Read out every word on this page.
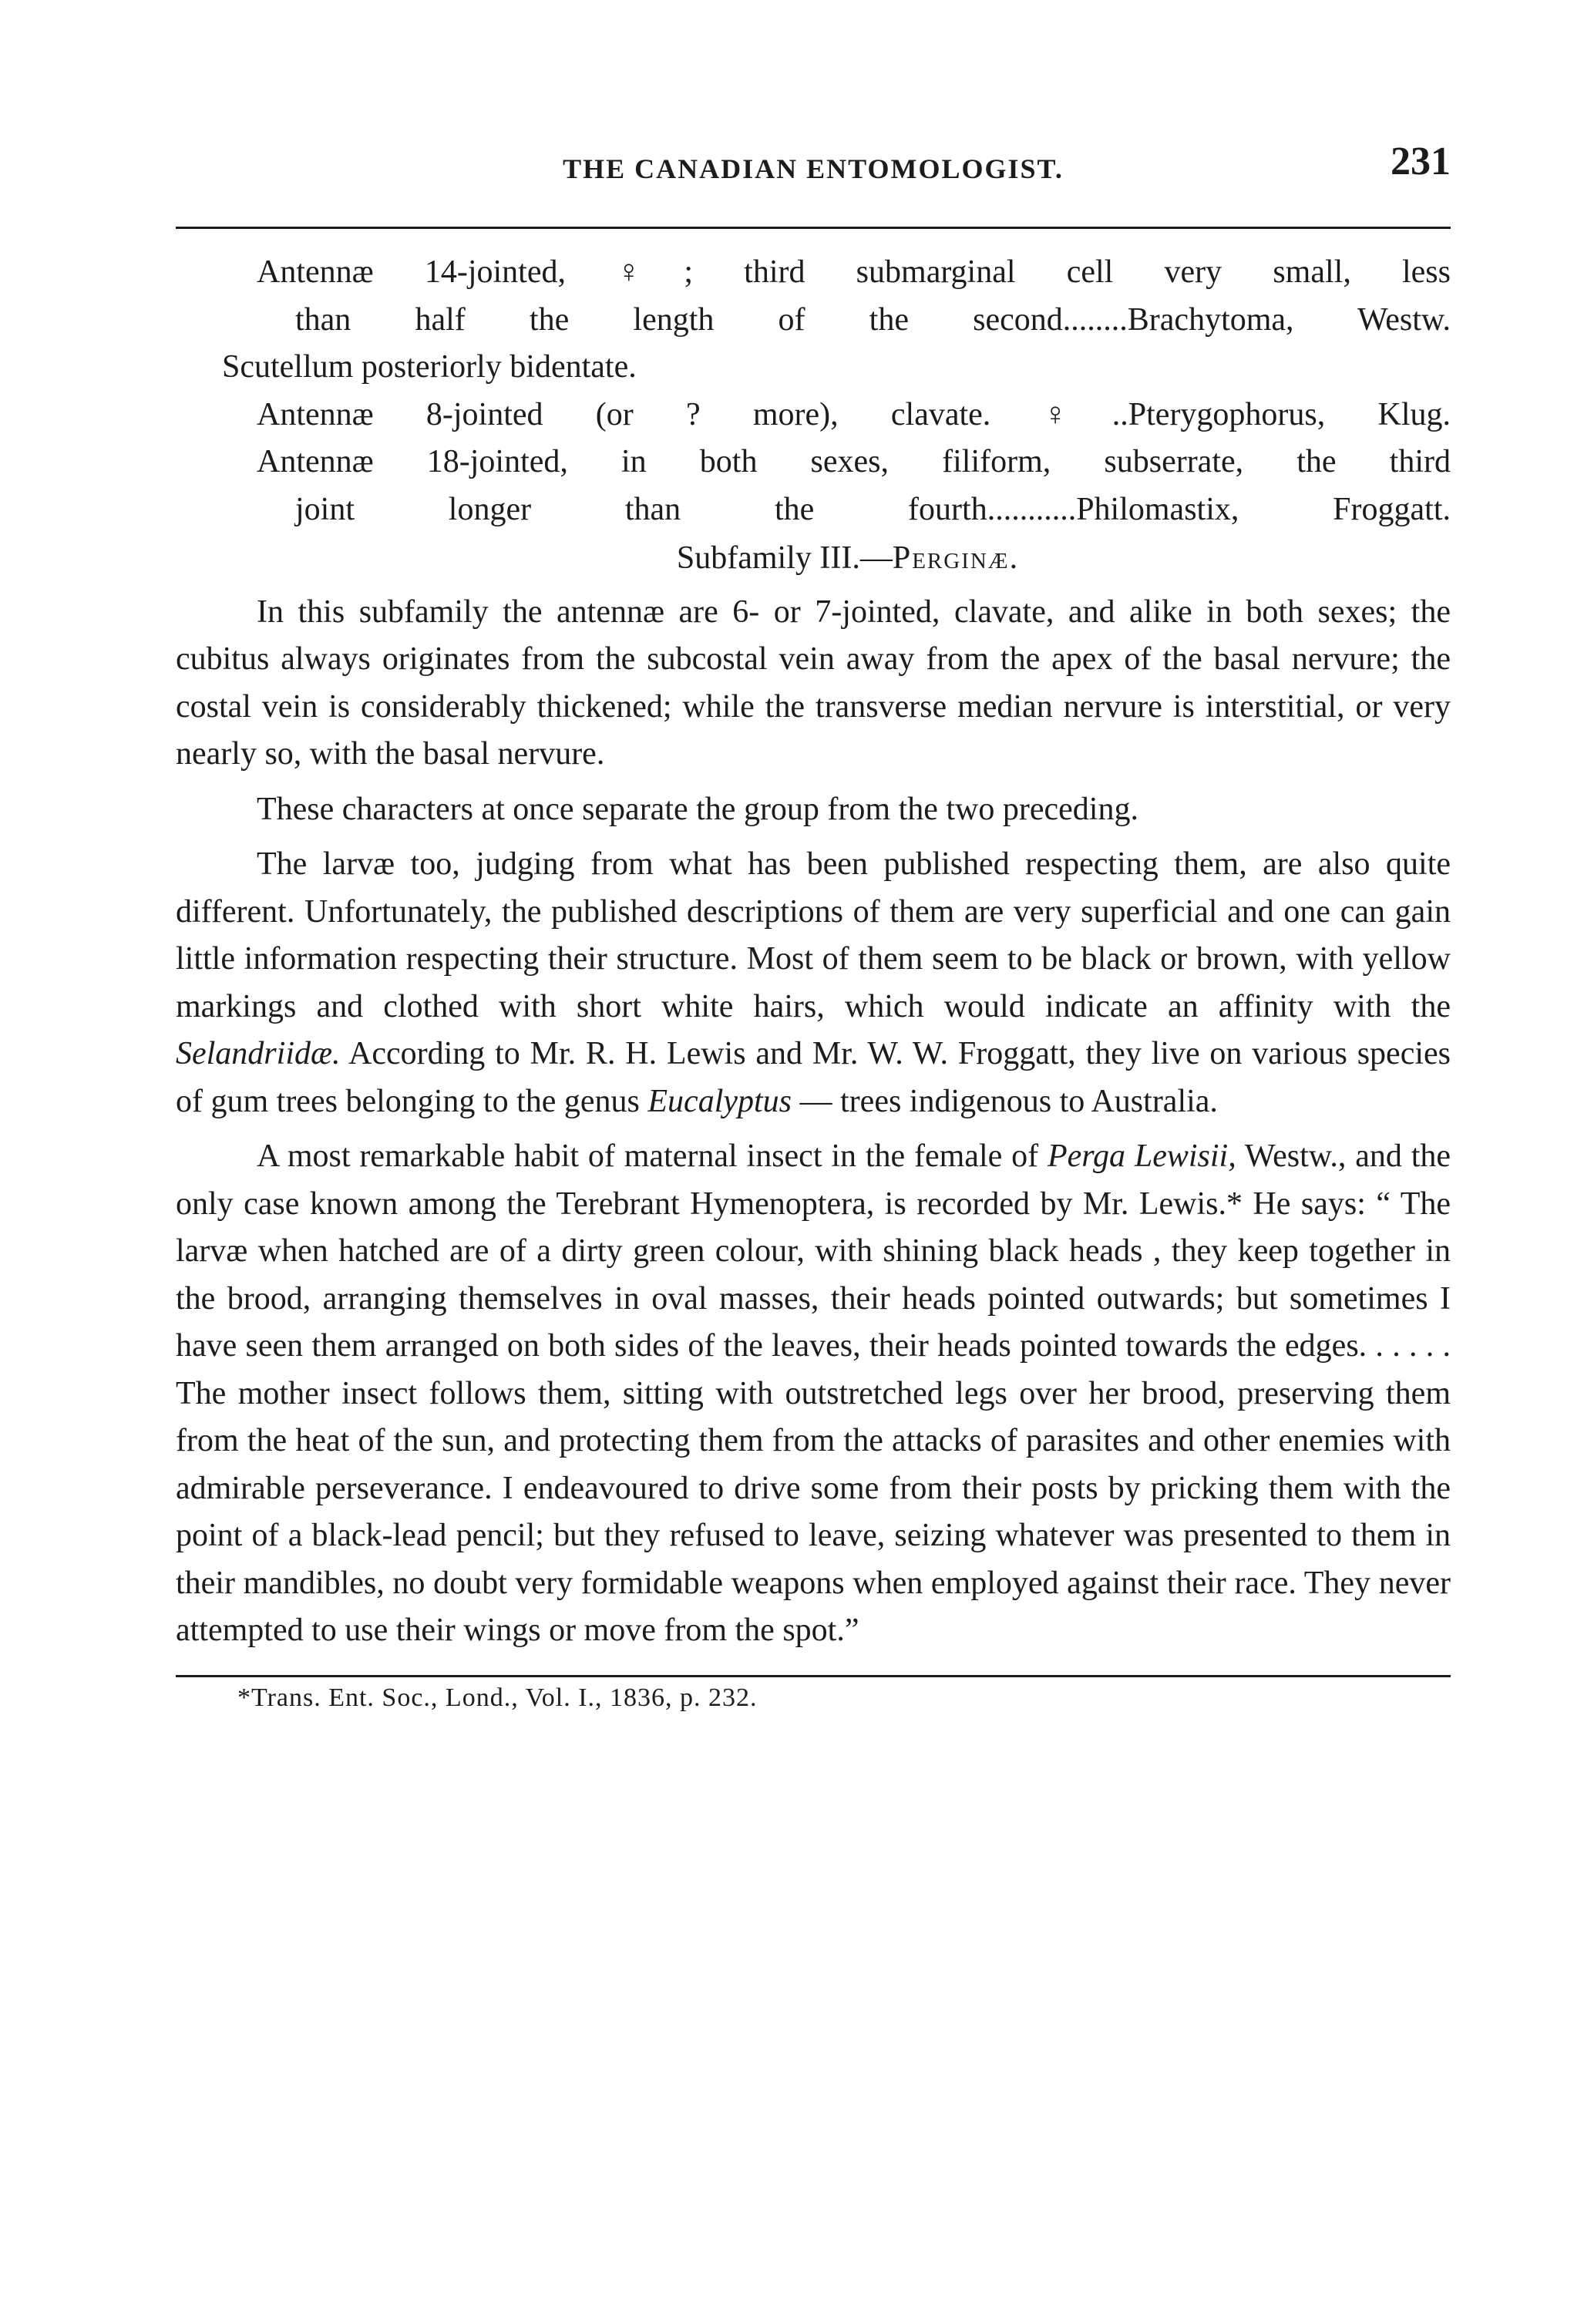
THE CANADIAN ENTOMOLOGIST.	231
Antennæ 14-jointed, ♀; third submarginal cell very small, less
than half the length of the second........Brachytoma, Westw.
Scutellum posteriorly bidentate.
Antennæ 8-jointed (or ? more), clavate. ♀..Pterygophorus, Klug.
Antennæ 18-jointed, in both sexes, filiform, subserrate, the third
joint longer than the fourth...........Philomastix, Froggatt.
Subfamily III.—Perginæ.

In this subfamily the antennæ are 6- or 7-jointed, clavate, and alike in both sexes; the cubitus always originates from the subcostal vein away from the apex of the basal nervure; the costal vein is considerably thickened; while the transverse median nervure is interstitial, or very nearly so, with the basal nervure.

These characters at once separate the group from the two preceding.

The larvæ too, judging from what has been published respecting them, are also quite different. Unfortunately, the published descriptions of them are very superficial and one can gain little information respecting their structure. Most of them seem to be black or brown, with yellow markings and clothed with short white hairs, which would indicate an affinity with the Selandriidæ. According to Mr. R. H. Lewis and Mr. W. W. Froggatt, they live on various species of gum trees belonging to the genus Eucalyptus — trees indigenous to Australia.

A most remarkable habit of maternal insect in the female of Perga Lewisii, Westw., and the only case known among the Terebrant Hymenoptera, is recorded by Mr. Lewis.* He says: “ The larvæ when hatched are of a dirty green colour, with shining black heads , they keep together in the brood, arranging themselves in oval masses, their heads pointed outwards; but sometimes I have seen them arranged on both sides of the leaves, their heads pointed towards the edges. . . . . . The mother insect follows them, sitting with outstretched legs over her brood, preserving them from the heat of the sun, and protecting them from the attacks of parasites and other enemies with admirable perseverance. I endeavoured to drive some from their posts by pricking them with the point of a black-lead pencil; but they refused to leave, seizing whatever was presented to them in their mandibles, no doubt very formidable weapons when employed against their race. They never attempted to use their wings or move from the spot.”

*Trans. Ent. Soc., Lond., Vol. I., 1836, p. 232.
